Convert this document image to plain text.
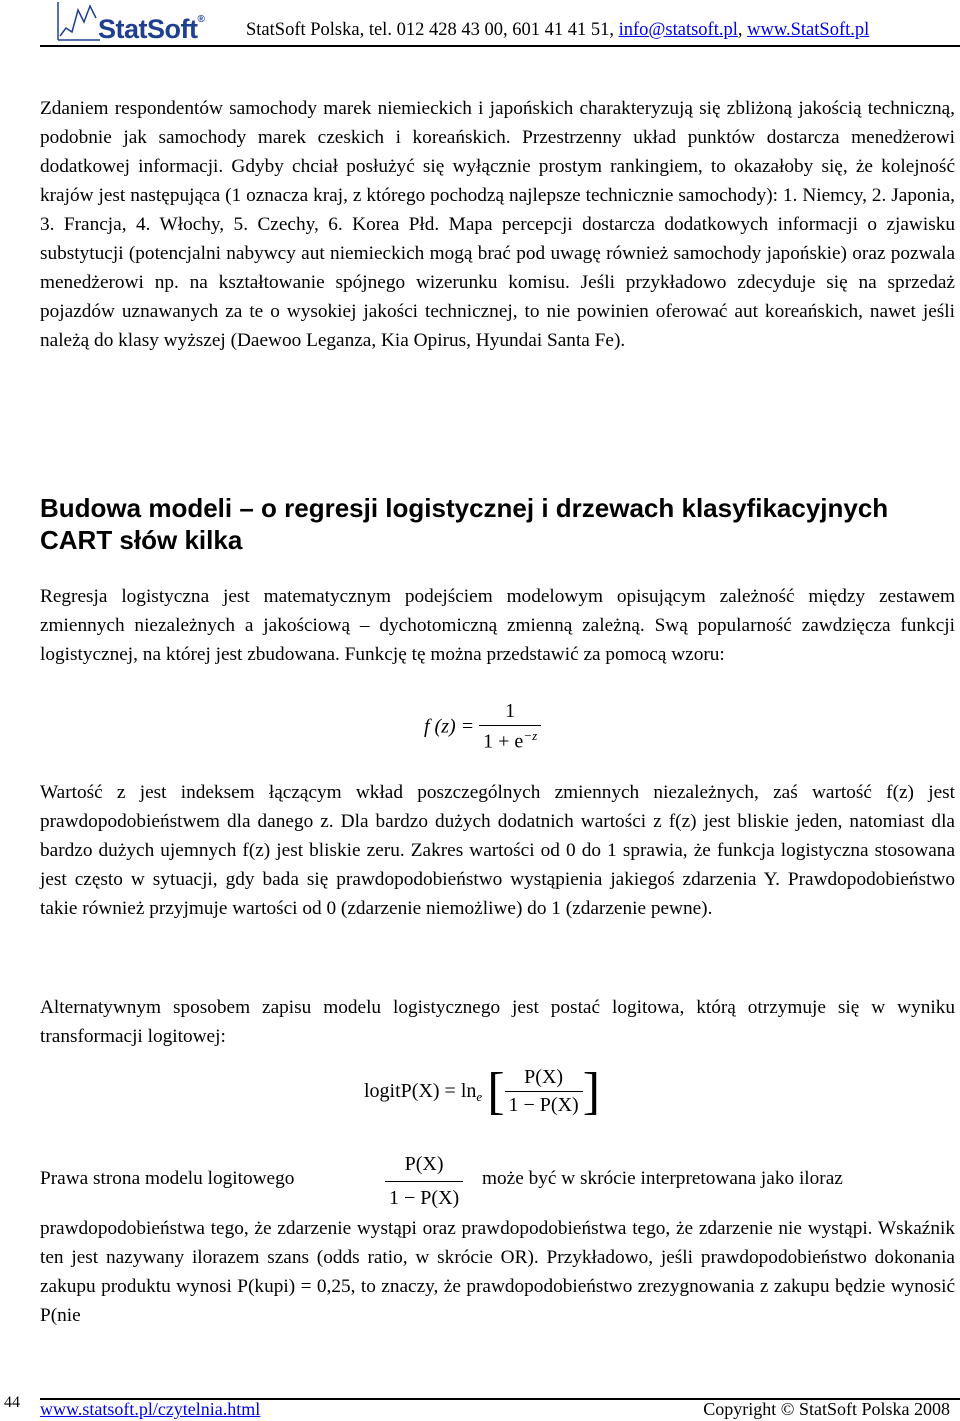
StatSoft®
StatSoft Polska, tel. 012 428 43 00, 601 41 41 51, info@statsoft.pl, www.StatSoft.pl

Zdaniem respondentów samochody marek niemieckich i japońskich charakteryzują się zbliżoną jakością techniczną, podobnie jak samochody marek czeskich i koreańskich. Przestrzenny układ punktów dostarcza menedżerowi dodatkowej informacji. Gdyby chciał posłużyć się wyłącznie prostym rankingiem, to okazałoby się, że kolejność krajów jest następująca (1 oznacza kraj, z którego pochodzą najlepsze technicznie samochody): 1. Niemcy, 2. Japonia, 3. Francja, 4. Włochy, 5. Czechy, 6. Korea Płd. Mapa percepcji dostarcza dodatkowych informacji o zjawisku substytucji (potencjalni nabywcy aut niemieckich mogą brać pod uwagę również samochody japońskie) oraz pozwala menedżerowi np. na kształtowanie spójnego wizerunku komisu. Jeśli przykładowo zdecyduje się na sprzedaż pojazdów uznawanych za te o wysokiej jakości technicznej, to nie powinien oferować aut koreańskich, nawet jeśli należą do klasy wyższej (Daewoo Leganza, Kia Opirus, Hyundai Santa Fe).

Budowa modeli – o regresji logistycznej i drzewach klasyfikacyjnych CART słów kilka

Regresja logistyczna jest matematycznym podejściem modelowym opisującym zależność między zestawem zmiennych niezależnych a jakościową – dychotomiczną zmienną zależną. Swą popularność zawdzięcza funkcji logistycznej, na której jest zbudowana. Funkcję tę można przedstawić za pomocą wzoru:

f $(z) = \frac{1}{1 + e^{-z}}$

Wartość z jest indeksem łączącym wkład poszczególnych zmiennych niezależnych, zaś wartość f(z) jest prawdopodobieństwem dla danego z. Dla bardzo dużych dodatnich wartości z f(z) jest bliskie jeden, natomiast dla bardzo dużych ujemnych f(z) jest bliskie zeru. Zakres wartości od 0 do 1 sprawia, że funkcja logistyczna stosowana jest często w sytuacji, gdy bada się prawdopodobieństwo wystąpienia jakiegoś zdarzenia Y. Prawdopodobieństwo takie również przyjmuje wartości od 0 (zdarzenie niemożliwe) do 1 (zdarzenie pewne).

Alternatywnym sposobem zapisu modelu logistycznego jest postać logitowa, którą otrzymuje się w wyniku transformacji logitowej:

logitP(X) = $\ln_e$ [ $\frac{P(X)}{1 - P(X)}$ ]
Prawa strona modelu logitowego	$\frac{P(X)}{1 - P(X)}$ może być w skrócie interpretowana jako iloraz

prawdopodobieństwa tego, że zdarzenie wystąpi oraz prawdopodobieństwa tego, że zdarzenie nie wystąpi. Wskaźnik ten jest nazywany ilorazem szans (odds ratio, w skrócie OR). Przykładowo, jeśli prawdopodobieństwo dokonania zakupu produktu wynosi P(kupi) = 0,25, to znaczy, że prawdopodobieństwo zrezygnowania z zakupu będzie wynosić P(nie

44 www.statsoft.pl/czytelnia.html	Copyright © StatSoft Polska 2008
